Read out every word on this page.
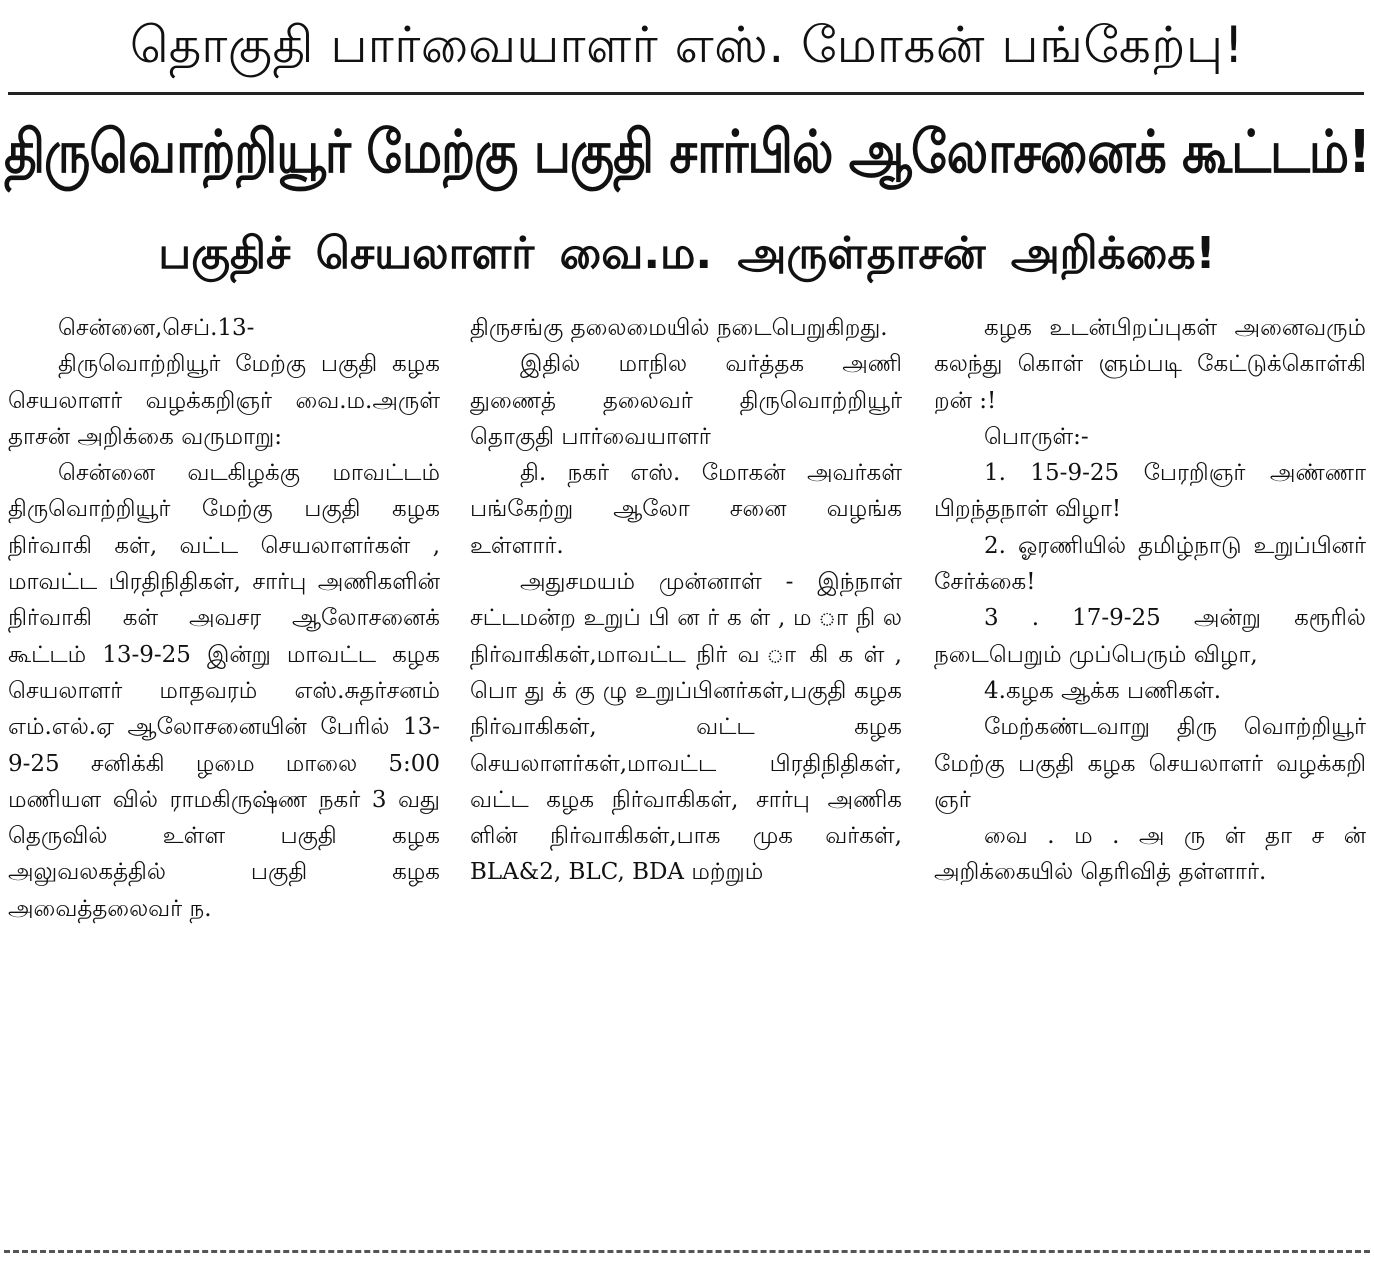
தொகுதி பார்வையாளர் எஸ். மோகன் பங்கேற்பு!
திருவொற்றியூர் மேற்கு பகுதி சார்பில் ஆலோசனைக் கூட்டம்!
பகுதிச் செயலாளர் வை.ம. அருள்தாசன் அறிக்கை!

சென்னை,செப்.13-

திருவொற்றியூர் மேற்கு பகுதி கழக செயலாளர் வழக்கறிஞர் வை.ம.அருள் தாசன் அறிக்கை வருமாறு:

சென்னை வடகிழக்கு மாவட்டம் திருவொற்றியூர் மேற்கு பகுதி கழக நிர்வாகி கள், வட்ட செயலாளர்கள் , மாவட்ட பிரதிநிதிகள், சார்பு அணிகளின் நிர்வாகி கள் அவசர ஆலோசனைக் கூட்டம் 13-9-25 இன்று மாவட்ட கழக செயலாளர் மாதவரம் எஸ்.சுதர்சனம் எம்.எல்.ஏ ஆலோசனையின் பேரில் 13-9-25 சனிக்கி ழமை மாலை 5:00 மணியள வில் ராமகிருஷ்ண நகர் 3 வது தெருவில் உள்ள பகுதி கழக அலுவலகத்தில் பகுதி கழக அவைத்தலைவர் ந.

திருசங்கு தலைமையில் நடைபெறுகிறது.

இதில் மாநில வர்த்தக அணி துணைத் தலைவர் திருவொற்றியூர் தொகுதி பார்வையாளர்

தி. நகர் எஸ். மோகன் அவர்கள் பங்கேற்று ஆலோ சனை வழங்க உள்ளார்.

அதுசமயம் முன்னாள் - இந்நாள் சட்டமன்ற உறுப் பி ன ர் க ள் , ம ா நி ல நிர்வாகிகள்,மாவட்ட நிர் வ ா கி க ள் , பொ து க் கு ழு உறுப்பினர்கள்,பகுதி கழக நிர்வாகிகள், வட்ட கழக செயலாளர்கள்,மாவட்ட பிரதிநிதிகள், வட்ட கழக நிர்வாகிகள், சார்பு அணிக ளின் நிர்வாகிகள்,பாக முக வர்கள், BLA&2, BLC, BDA மற்றும்

கழக உடன்பிறப்புகள் அனைவரும் கலந்து கொள் ளும்படி கேட்டுக்கொள்கி றன் :!

பொருள்:-

1. 15-9-25 பேரறிஞர் அண்ணா பிறந்தநாள் விழா!

2. ஓரணியில் தமிழ்நாடு உறுப்பினர் சேர்க்கை!

3 . 17-9-25 அன்று கரூரில் நடைபெறும் முப்பெரும் விழா,

4.கழக ஆக்க பணிகள்.

மேற்கண்டவாறு திரு வொற்றியூர் மேற்கு பகுதி கழக செயலாளர் வழக்கறி ஞர்

வை . ம . அ ரு ள் தா ச ன் அறிக்கையில் தெரிவித் தள்ளார்.
